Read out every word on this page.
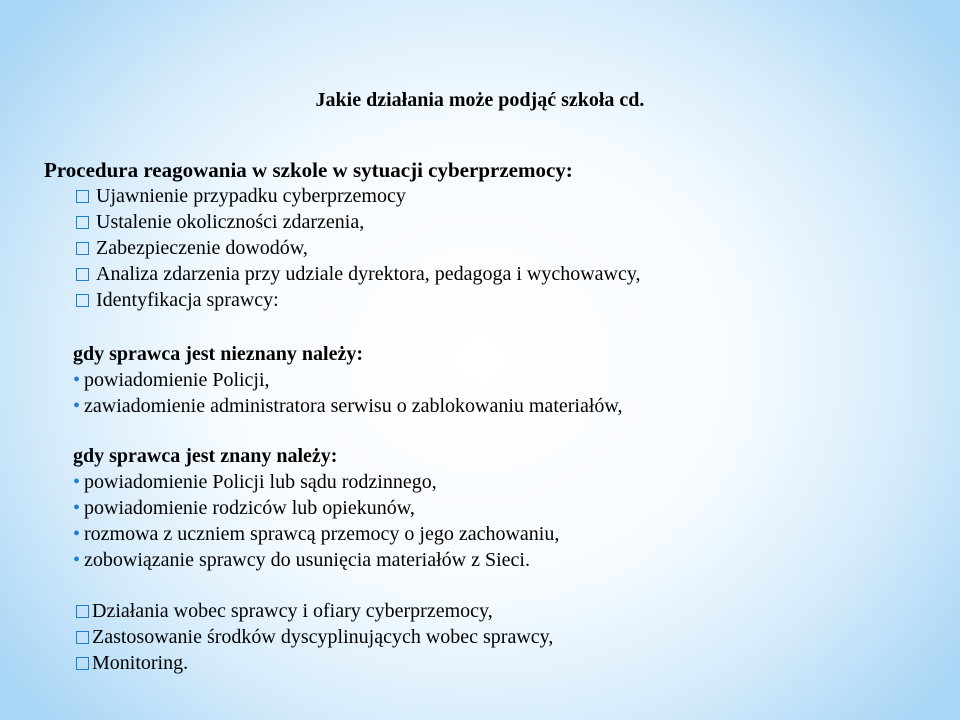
Jakie działania może podjąć szkoła cd.
Procedura reagowania w szkole w sytuacji cyberprzemocy:
Ujawnienie przypadku cyberprzemocy
Ustalenie okoliczności zdarzenia,
Zabezpieczenie dowodów,
Analiza zdarzenia przy udziale dyrektora, pedagoga i wychowawcy,
Identyfikacja sprawcy:
gdy sprawca jest nieznany należy:
• powiadomienie Policji,
• zawiadomienie administratora serwisu o zablokowaniu materiałów,
gdy sprawca jest znany należy:
• powiadomienie Policji lub sądu rodzinnego,
• powiadomienie rodziców lub opiekunów,
• rozmowa z uczniem sprawcą przemocy o jego zachowaniu,
• zobowiązanie sprawcy do usunięcia materiałów z Sieci.
Działania wobec sprawcy i ofiary cyberprzemocy,
Zastosowanie środków dyscyplinujących wobec sprawcy,
Monitoring.
